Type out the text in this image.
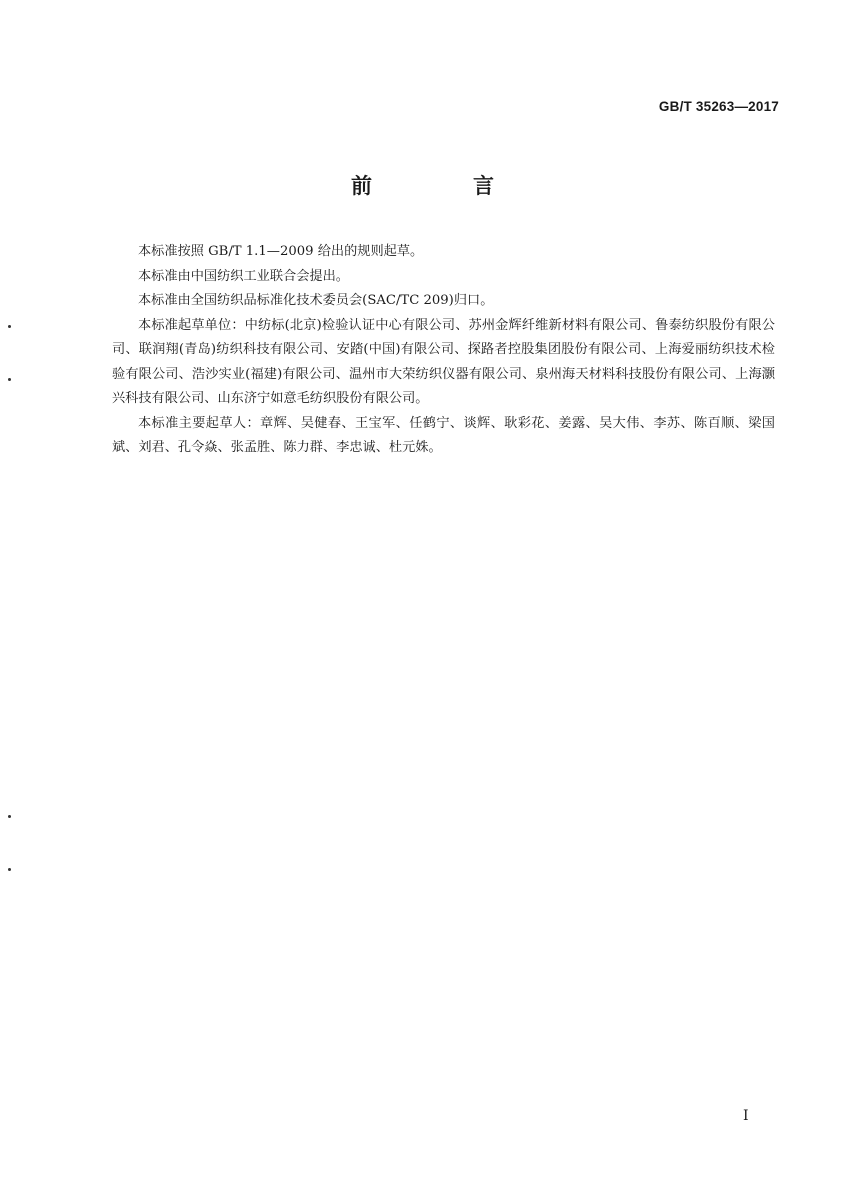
GB/T 35263—2017
前　言

本标准按照 GB/T 1.1—2009 给出的规则起草。

本标准由中国纺织工业联合会提出。

本标准由全国纺织品标准化技术委员会(SAC/TC 209)归口。

本标准起草单位：中纺标(北京)检验认证中心有限公司、苏州金辉纤维新材料有限公司、鲁泰纺织股份有限公司、联润翔(青岛)纺织科技有限公司、安踏(中国)有限公司、探路者控股集团股份有限公司、上海爱丽纺织技术检验有限公司、浩沙实业(福建)有限公司、温州市大荣纺织仪器有限公司、泉州海天材料科技股份有限公司、上海灏兴科技有限公司、山东济宁如意毛纺织股份有限公司。

本标准主要起草人：章辉、吴健春、王宝军、任鹤宁、谈辉、耿彩花、姜露、吴大伟、李苏、陈百顺、梁国斌、刘君、孔令焱、张孟胜、陈力群、李忠诚、杜元姝。

I
